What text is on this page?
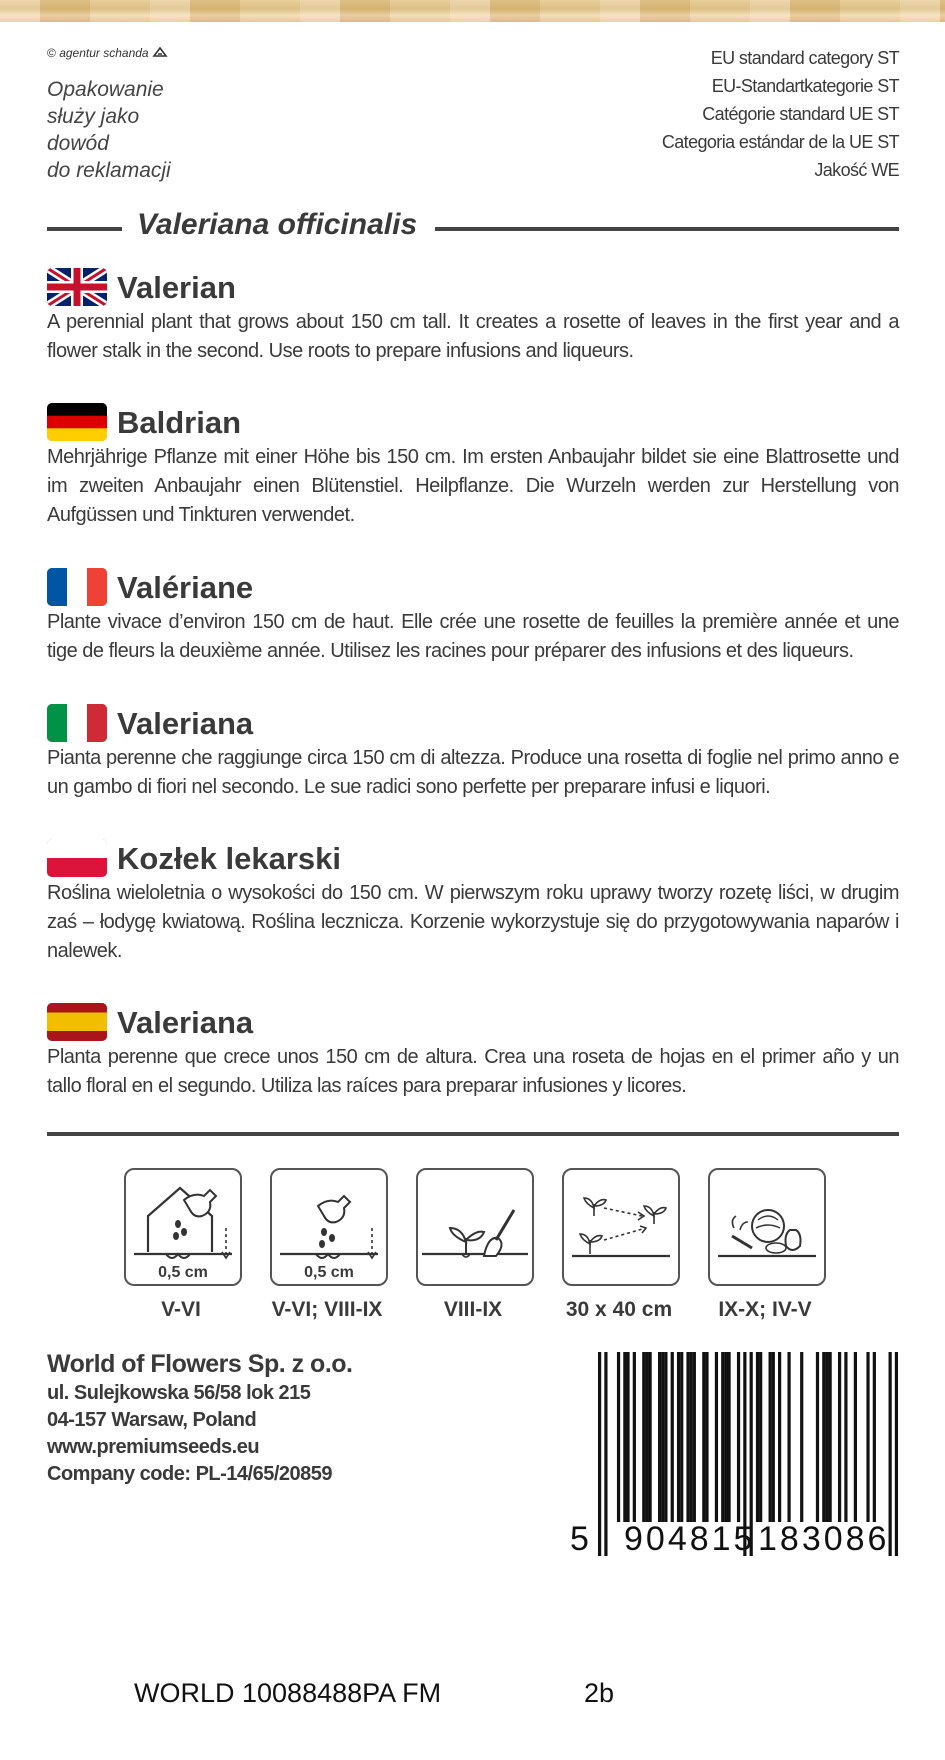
© agentur schanda
Opakowanie
służy jako
dowód
do reklamacji
EU standard category ST
EU-Standartkategorie ST
Catégorie standard UE ST
Categoria estándar de la UE ST
Jakość WE
Valeriana officinalis
Valerian
A perennial plant that grows about 150 cm tall. It creates a rosette of leaves in the first year and a flower stalk in the second. Use roots to prepare infusions and liqueurs.
Baldrian
Mehrjährige Pflanze mit einer Höhe bis 150 cm. Im ersten Anbaujahr bildet sie eine Blattrosette und im zweiten Anbaujahr einen Blütenstiel. Heilpflanze. Die Wurzeln werden zur Herstellung von Aufgüssen und Tinkturen verwendet.
Valériane
Plante vivace d’environ 150 cm de haut. Elle crée une rosette de feuilles la première année et une tige de fleurs la deuxième année. Utilisez les racines pour préparer des infusions et des liqueurs.
Valeriana
Pianta perenne che raggiunge circa 150 cm di altezza. Produce una rosetta di foglie nel primo anno e un gambo di fiori nel secondo. Le sue radici sono perfette per preparare infusi e liquori.
Kozłek lekarski
Roślina wieloletnia o wysokości do 150 cm. W pierwszym roku uprawy tworzy rozetę liści, w drugim zaś – łodygę kwiatową. Roślina lecznicza. Korzenie wykorzystuje się do przygotowywania naparów i nalewek.
Valeriana
Planta perenne que crece unos 150 cm de altura. Crea una roseta de hojas en el primer año y un tallo floral en el segundo. Utiliza las raíces para preparar infusiones y licores.
0,5 cm
V-VI
0,5 cm
V-VI; VIII-IX	VIII-IX	30 x 40 cm	IX-X; IV-V
World of Flowers Sp. z o.o.
ul. Sulejkowska 56/58 lok 215
04-157 Warsaw, Poland
www.premiumseeds.eu
Company code: PL-14/65/20859
5 904815 183086
WORLD 10088488PA FM	2b
